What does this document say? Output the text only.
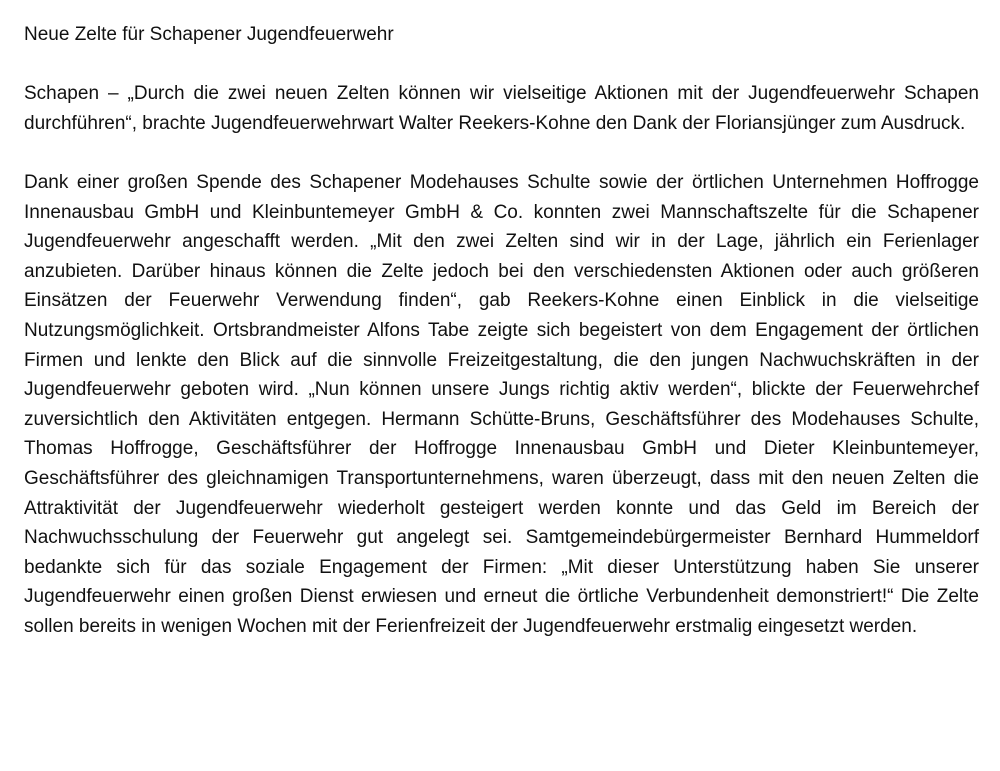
Neue Zelte für Schapener Jugendfeuerwehr

Schapen – „Durch die zwei neuen Zelten können wir vielseitige Aktionen mit der Jugendfeuerwehr Schapen durchführen“, brachte Jugendfeuerwehrwart Walter Reekers-Kohne den Dank der Floriansjünger zum Ausdruck.

Dank einer großen Spende des Schapener Modehauses Schulte sowie der örtlichen Unternehmen Hoffrogge Innenausbau GmbH und Kleinbuntemeyer GmbH & Co. konnten zwei Mannschaftszelte für die Schapener Jugendfeuerwehr angeschafft werden. „Mit den zwei Zelten sind wir in der Lage, jährlich ein Ferienlager anzubieten. Darüber hinaus können die Zelte jedoch bei den verschiedensten Aktionen oder auch größeren Einsätzen der Feuerwehr Verwendung finden“, gab Reekers-Kohne einen Einblick in die vielseitige Nutzungsmöglichkeit. Ortsbrandmeister Alfons Tabe zeigte sich begeistert von dem Engagement der örtlichen Firmen und lenkte den Blick auf die sinnvolle Freizeitgestaltung, die den jungen Nachwuchskräften in der Jugendfeuerwehr geboten wird. „Nun können unsere Jungs richtig aktiv werden“, blickte der Feuerwehrchef zuversichtlich den Aktivitäten entgegen. Hermann Schütte-Bruns, Geschäftsführer des Modehauses Schulte, Thomas Hoffrogge, Geschäftsführer der Hoffrogge Innenausbau GmbH und Dieter Kleinbuntemeyer, Geschäftsführer des gleichnamigen Transportunternehmens, waren überzeugt, dass mit den neuen Zelten die Attraktivität der Jugendfeuerwehr wiederholt gesteigert werden konnte und das Geld im Bereich der Nachwuchsschulung der Feuerwehr gut angelegt sei. Samtgemeindebürgermeister Bernhard Hummeldorf bedankte sich für das soziale Engagement der Firmen: „Mit dieser Unterstützung haben Sie unserer Jugendfeuerwehr einen großen Dienst erwiesen und erneut die örtliche Verbundenheit demonstriert!“ Die Zelte sollen bereits in wenigen Wochen mit der Ferienfreizeit der Jugendfeuerwehr erstmalig eingesetzt werden.
